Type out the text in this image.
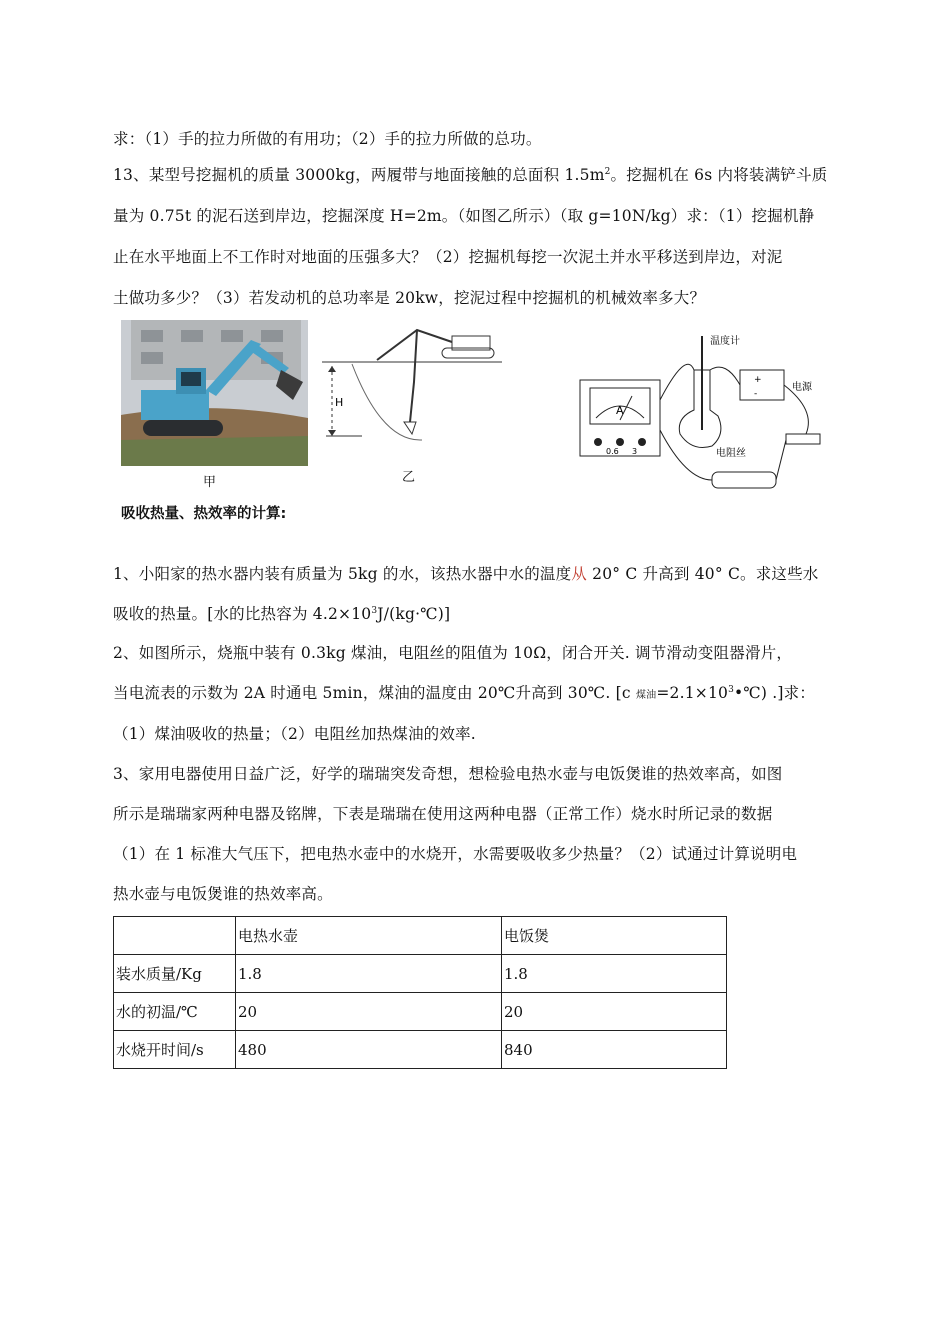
求：（1）手的拉力所做的有用功；（2）手的拉力所做的总功。
13、某型号挖掘机的质量 3000kg，两履带与地面接触的总面积 $1.5m^2$。挖掘机在 6s 内将装满铲斗质
量为 0.75t 的泥石送到岸边，挖掘深度 H=2m。（如图乙所示）（取 g=10N/kg）求：（1）挖掘机静
止在水平地面上不工作时对地面的压强多大？（2）挖掘机每挖一次泥土并水平移送到岸边，对泥
土做功多少？（3）若发动机的总功率是 20kw，挖泥过程中挖掘机的机械效率多大？
甲
H
乙
A
0.6 3
温度计
+
-
电源
电阻丝
吸收热量、热效率的计算:
1、小阳家的热水器内装有质量为 5kg 的水，该热水器中水的温度从 20° C 升高到 40° C。求这些水
吸收的热量。[水的比热容为 $4.2\times 10^3J/(kg\cdot℃)$]
2、如图所示，烧瓶中装有 0.3kg 煤油，电阻丝的阻值为 10Ω，闭合开关. 调节滑动变阻器滑片，
当电流表的示数为 2A 时通电 5min，煤油的温度由 20℃升高到 30℃. [c 煤油$=2.1\times 10^3•℃$) .]求：
（1）煤油吸收的热量；（2）电阻丝加热煤油的效率.
3、家用电器使用日益广泛，好学的瑞瑞突发奇想，想检验电热水壶与电饭煲谁的热效率高，如图
所示是瑞瑞家两种电器及铭牌，下表是瑞瑞在使用这两种电器（正常工作）烧水时所记录的数据
（1）在 1 标准大气压下，把电热水壶中的水烧开，水需要吸收多少热量？（2）试通过计算说明电
热水壶与电饭煲谁的热效率高。
	电热水壶	电饭煲
装水质量/Kg	1.8	1.8
水的初温/℃	20	20
水烧开时间/s	480	840
